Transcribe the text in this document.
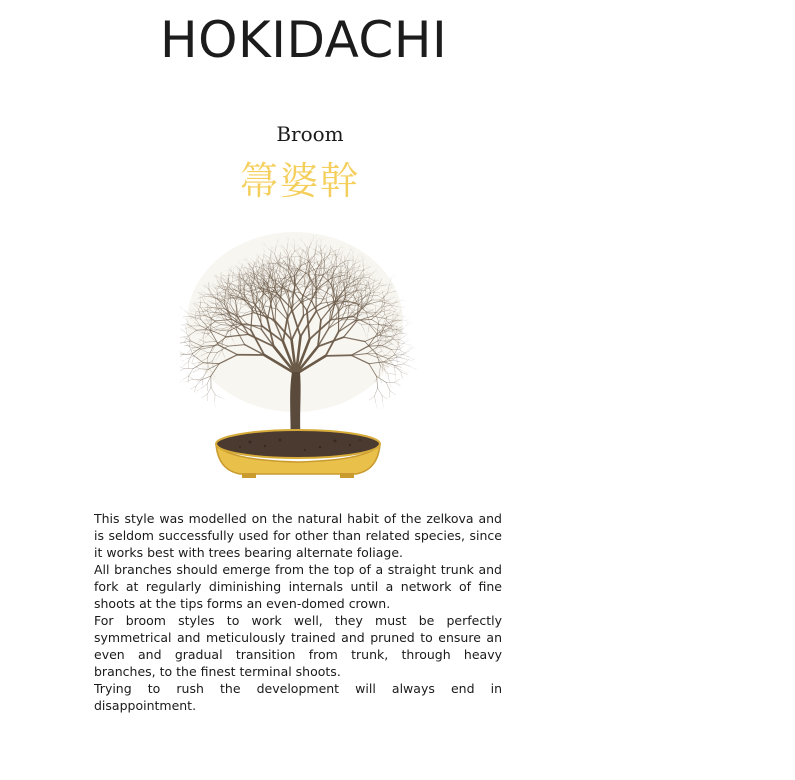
HOKIDACHI
Broom
箒婆幹

This style was modelled on the natural habit of the zelkova and is seldom successfully used for other than related species, since it works best with trees bearing alternate foliage.

All branches should emerge from the top of a straight trunk and fork at regularly diminishing internals until a network of fine shoots at the tips forms an even-domed crown.

For broom styles to work well, they must be perfectly symmetrical and meticulously trained and pruned to ensure an even and gradual transition from trunk, through heavy branches, to the finest terminal shoots.

Trying to rush the development will always end in disappointment.
